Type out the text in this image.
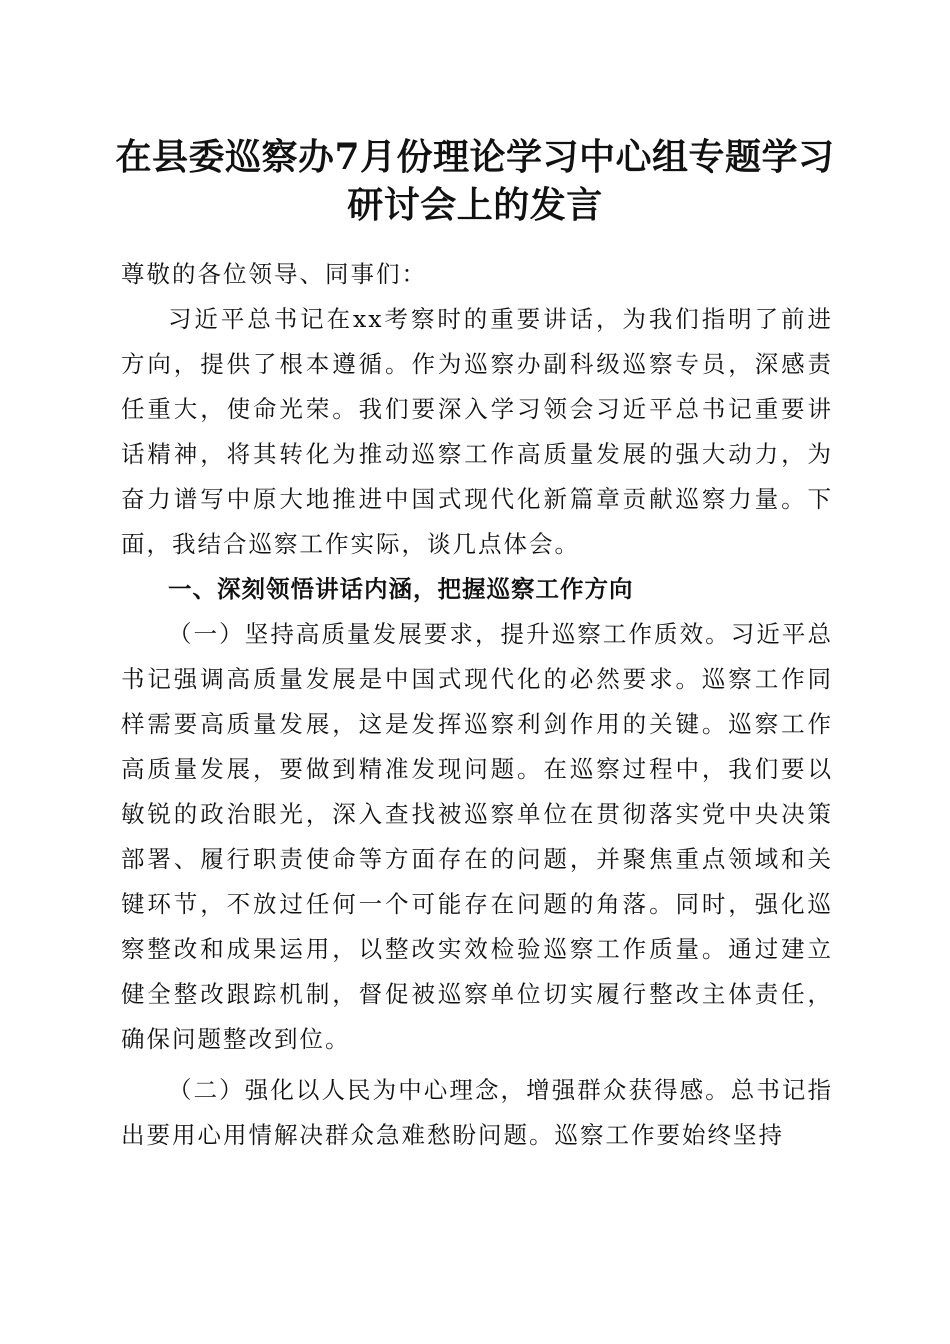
在县委巡察办7月份理论学习中心组专题学习
研讨会上的发言

尊敬的各位领导、同事们：

习近平总书记在xx考察时的重要讲话，为我们指明了前进方向，提供了根本遵循。作为巡察办副科级巡察专员，深感责任重大，使命光荣。我们要深入学习领会习近平总书记重要讲话精神，将其转化为推动巡察工作高质量发展的强大动力，为奋力谱写中原大地推进中国式现代化新篇章贡献巡察力量。下面，我结合巡察工作实际，谈几点体会。

一、深刻领悟讲话内涵，把握巡察工作方向

（一）坚持高质量发展要求，提升巡察工作质效。习近平总书记强调高质量发展是中国式现代化的必然要求。巡察工作同样需要高质量发展，这是发挥巡察利剑作用的关键。巡察工作高质量发展，要做到精准发现问题。在巡察过程中，我们要以敏锐的政治眼光，深入查找被巡察单位在贯彻落实党中央决策部署、履行职责使命等方面存在的问题，并聚焦重点领域和关键环节，不放过任何一个可能存在问题的角落。同时，强化巡察整改和成果运用，以整改实效检验巡察工作质量。通过建立健全整改跟踪机制，督促被巡察单位切实履行整改主体责任，确保问题整改到位。

（二）强化以人民为中心理念，增强群众获得感。总书记指出要用心用情解决群众急难愁盼问题。巡察工作要始终坚持
